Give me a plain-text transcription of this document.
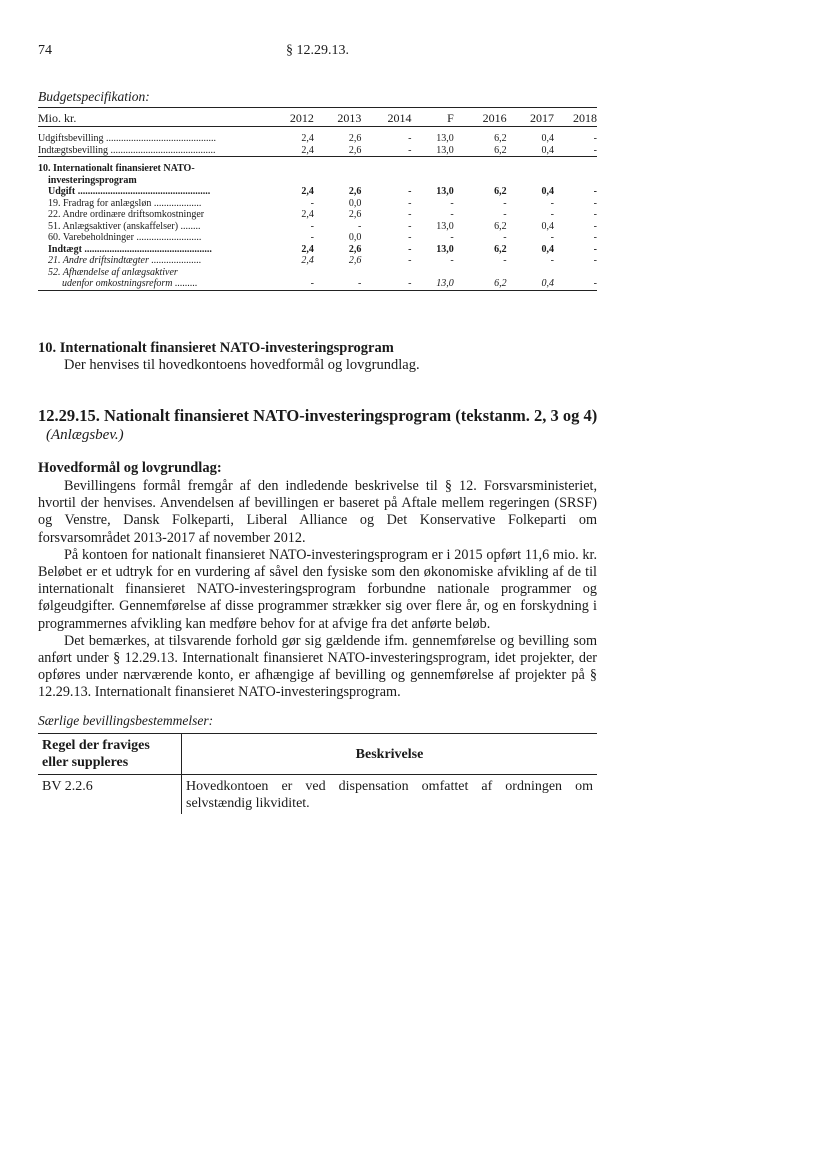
74	§ 12.29.13.
Budgetspecifikation:
Mio. kr.	2012	2013	2014	F	2016	2017	2018

Udgiftsbevilling ............................................	2,4	2,6	-	13,0	6,2	0,4	-
Indtægtsbevilling ..........................................	2,4	2,6	-	13,0	6,2	0,4	-

10. Internationalt finansieret NATO-							
investeringsprogram							
Udgift .....................................................	2,4	2,6	-	13,0	6,2	0,4	-
19. Fradrag for anlægsløn ...................	-	0,0	-	-	-	-	-
22. Andre ordinære driftsomkostninger	2,4	2,6	-	-	-	-	-
51. Anlægsaktiver (anskaffelser) ........	-	-	-	13,0	6,2	0,4	-
60. Varebeholdninger ..........................	-	0,0	-	-	-	-	-
Indtægt ...................................................	2,4	2,6	-	13,0	6,2	0,4	-
21. Andre driftsindtægter ....................	2,4	2,6	-	-	-	-	-
52. Afhændelse af anlægsaktiver							
udenfor omkostningsreform .........	-	-	-	13,0	6,2	0,4	-
10. Internationalt finansieret NATO-investeringsprogram
Der henvises til hovedkontoens hovedformål og lovgrundlag.
12.29.15. Nationalt finansieret NATO-investeringsprogram (tekstanm. 2, 3 og 4)
(Anlægsbev.)
Hovedformål og lovgrundlag:

Bevillingens formål fremgår af den indledende beskrivelse til § 12. Forsvarsministeriet, hvortil der henvises. Anvendelsen af bevillingen er baseret på Aftale mellem regeringen (SRSF) og Venstre, Dansk Folkeparti, Liberal Alliance og Det Konservative Folkeparti om forsvarsområdet 2013-2017 af november 2012.

På kontoen for nationalt finansieret NATO-investeringsprogram er i 2015 opført 11,6 mio. kr. Beløbet er et udtryk for en vurdering af såvel den fysiske som den økonomiske afvikling af de til internationalt finansieret NATO-investeringsprogram forbundne nationale programmer og følgeudgifter. Gennemførelse af disse programmer strækker sig over flere år, og en forskydning i programmernes afvikling kan medføre behov for at afvige fra det anførte beløb.

Det bemærkes, at tilsvarende forhold gør sig gældende ifm. gennemførelse og bevilling som anført under § 12.29.13. Internationalt finansieret NATO-investeringsprogram, idet projekter, der opføres under nærværende konto, er afhængige af bevilling og gennemførelse af projekter på § 12.29.13. Internationalt finansieret NATO-investeringsprogram.

Særlige bevillingsbestemmelser:
Regel der fraviges eller suppleres	Beskrivelse
BV 2.2.6	Hovedkontoen er ved dispensation omfattet af ordningen om selvstændig likviditet.
